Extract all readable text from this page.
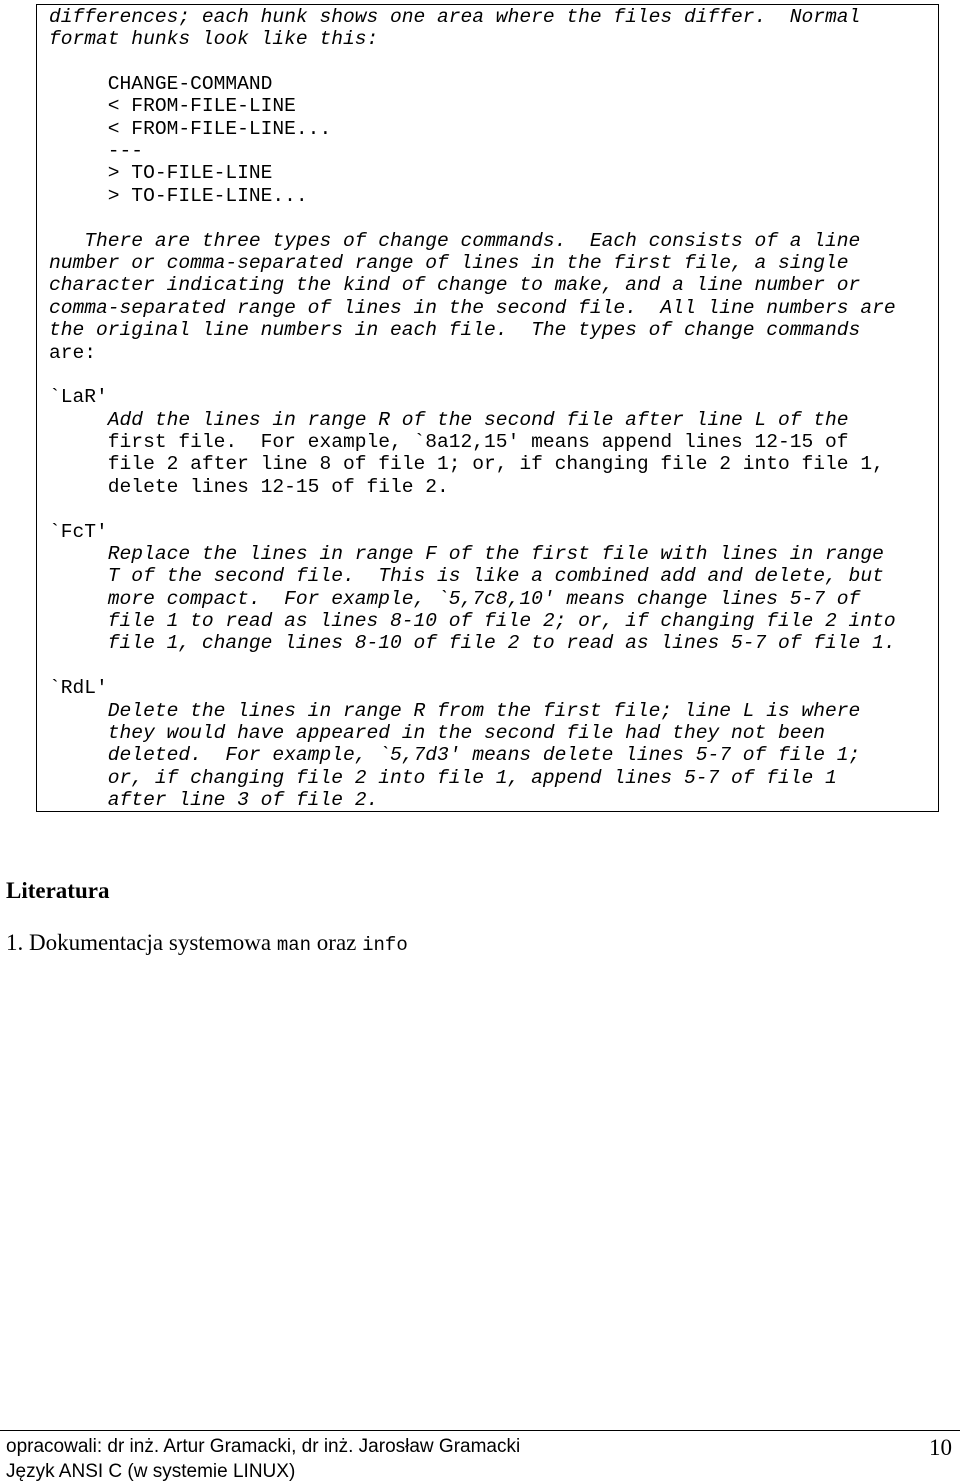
differences; each hunk shows one area where the files differ.  Normal
format hunks look like this:
CHANGE-COMMAND
< FROM-FILE-LINE
< FROM-FILE-LINE...
---
> TO-FILE-LINE
> TO-FILE-LINE...
There are three types of change commands.  Each consists of a line
number or comma-separated range of lines in the first file, a single
character indicating the kind of change to make, and a line number or
comma-separated range of lines in the second file.  All line numbers are
the original line numbers in each file.  The types of change commands
are:
`LaR'
Add the lines in range R of the second file after line L of the
first file.  For example, `8a12,15' means append lines 12-15 of
file 2 after line 8 of file 1; or, if changing file 2 into file 1,
delete lines 12-15 of file 2.
`FcT'
Replace the lines in range F of the first file with lines in range
T of the second file.  This is like a combined add and delete, but
more compact.  For example, `5,7c8,10' means change lines 5-7 of
file 1 to read as lines 8-10 of file 2; or, if changing file 2 into
file 1, change lines 8-10 of file 2 to read as lines 5-7 of file 1.
`RdL'
Delete the lines in range R from the first file; line L is where
they would have appeared in the second file had they not been
deleted.  For example, `5,7d3' means delete lines 5-7 of file 1;
or, if changing file 2 into file 1, append lines 5-7 of file 1
after line 3 of file 2.
Literatura
1. Dokumentacja systemowa man oraz info
opracowali: dr inż. Artur Gramacki, dr inż. Jarosław Gramacki
Język ANSI C (w systemie LINUX)
10
